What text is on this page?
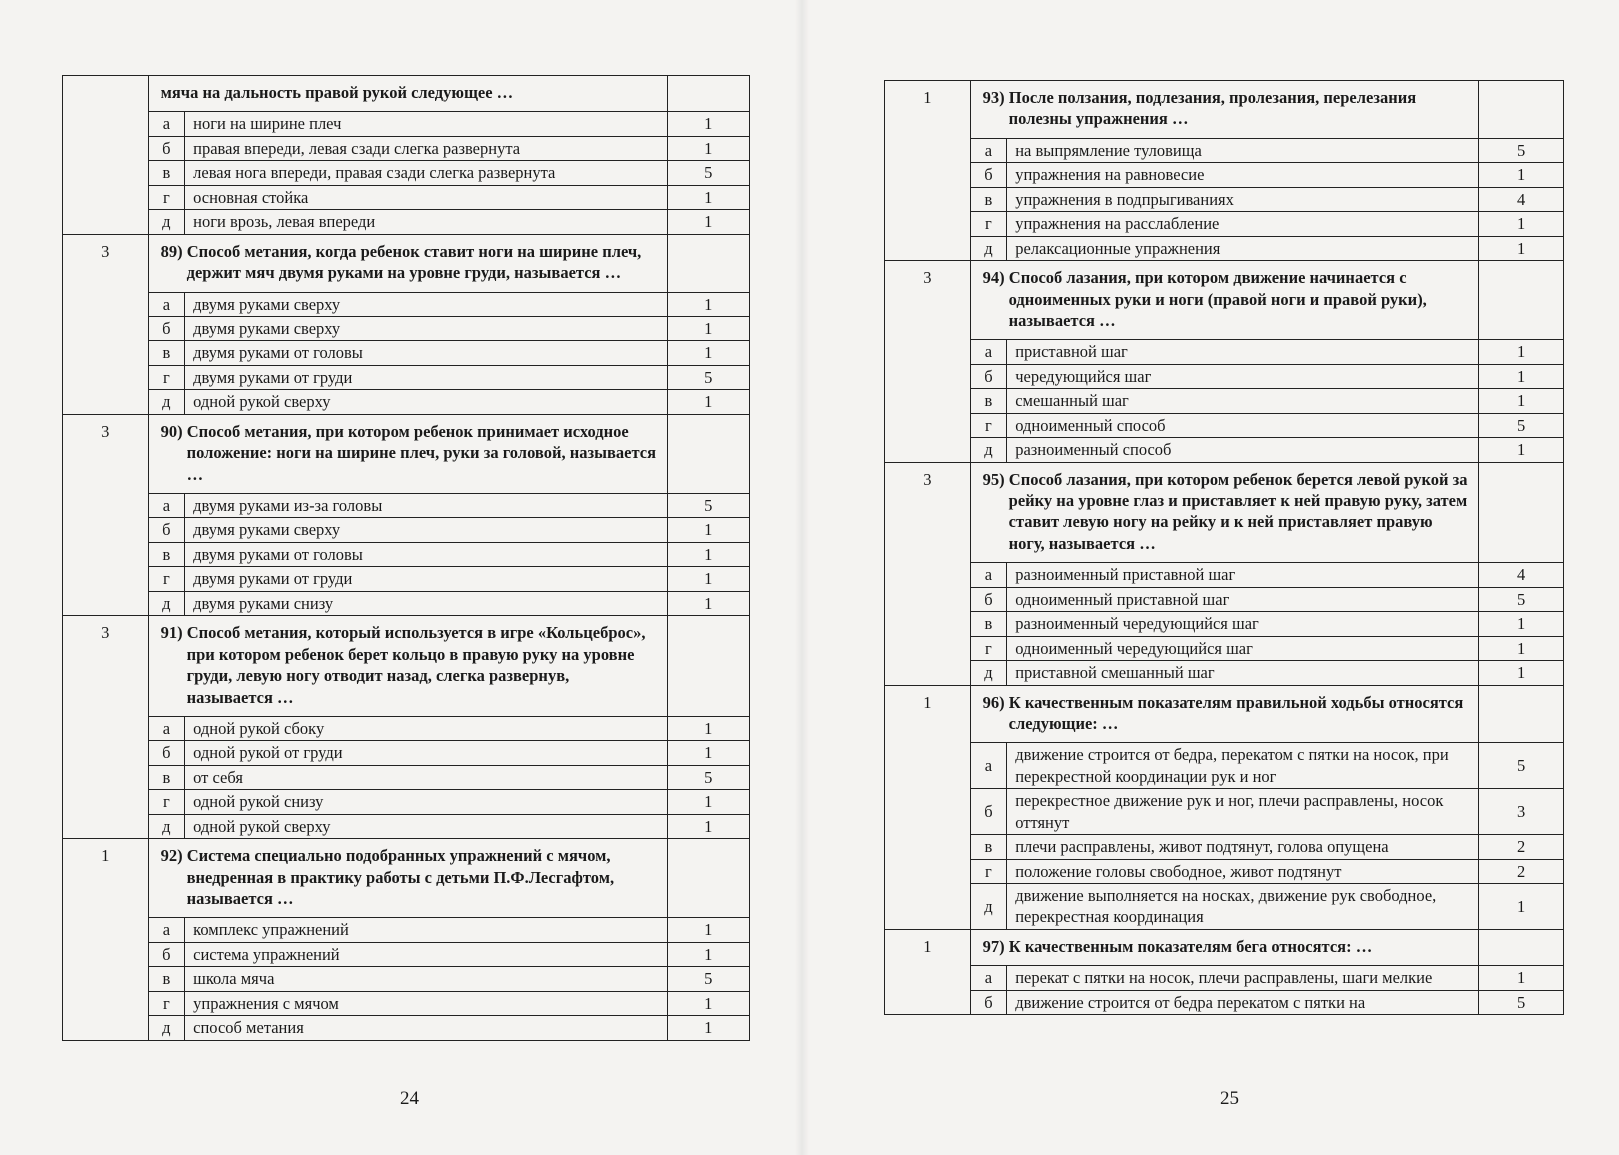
	мяча на дальность правой рукой следующее …		

	а	ноги на ширине плеч	1
	б	правая впереди, левая сзади слегка развернута	1
	в	левая нога впереди, правая сзади слегка развернута	5
	г	основная стойка	1
	д	ноги врозь, левая впереди	1
3	89) Способ метания, когда ребенок ставит ноги на ширине плеч, держит мяч двумя руками на уровне груди, называется …		

	а	двумя руками сверху	1
	б	двумя руками сверху	1
	в	двумя руками от головы	1
	г	двумя руками от груди	5
	д	одной рукой сверху	1
3	90) Способ метания, при котором ребенок принимает исходное положение: ноги на ширине плеч, руки за головой, называется …		

	а	двумя руками из-за головы	5
	б	двумя руками сверху	1
	в	двумя руками от головы	1
	г	двумя руками от груди	1
	д	двумя руками снизу	1
3	91) Способ метания, который используется в игре «Кольцеброс», при котором ребенок берет кольцо в правую руку на уровне груди, левую ногу отводит назад, слегка развернув, называется …		

	а	одной рукой сбоку	1
	б	одной рукой от груди	1
	в	от себя	5
	г	одной рукой снизу	1
	д	одной рукой сверху	1
1	92) Система специально подобранных упражнений с мячом, внедренная в практику работы с детьми П.Ф.Лесгафтом, называется …		

	а	комплекс упражнений	1
	б	система упражнений	1
	в	школа мяча	5
	г	упражнения с мячом	1
	д	способ метания	1
24
1	93) После ползания, подлезания, пролезания, перелезания полезны упражнения …		

	а	на выпрямление туловища	5
	б	упражнения на равновесие	1
	в	упражнения в подпрыгиваниях	4
	г	упражнения на расслабление	1
	д	релаксационные упражнения	1
3	94) Способ лазания, при котором движение начинается с одноименных руки и ноги (правой ноги и правой руки), называется …		

	а	приставной шаг	1
	б	чередующийся шаг	1
	в	смешанный шаг	1
	г	одноименный способ	5
	д	разноименный способ	1
3	95) Способ лазания, при котором ребенок берется левой рукой за рейку на уровне глаз и приставляет к ней правую руку, затем ставит левую ногу на рейку и к ней приставляет правую ногу, называется …		

	а	разноименный приставной шаг	4
	б	одноименный приставной шаг	5
	в	разноименный чередующийся шаг	1
	г	одноименный чередующийся шаг	1
	д	приставной смешанный шаг	1
1	96) К качественным показателям правильной ходьбы относятся следующие: …		

	а	движение строится от бедра, перекатом с пятки на носок, при перекрестной координации рук и ног	5
	б	перекрестное движение рук и ног, плечи расправлены, носок оттянут	3
	в	плечи расправлены, живот подтянут, голова опущена	2
	г	положение головы свободное, живот подтянут	2
	д	движение выполняется на носках, движение рук свободное, перекрестная координация	1
1	97) К качественным показателям бега относятся: …		

	а	перекат с пятки на носок, плечи расправлены, шаги мелкие	1
	б	движение строится от бедра перекатом с пятки на	5
25
